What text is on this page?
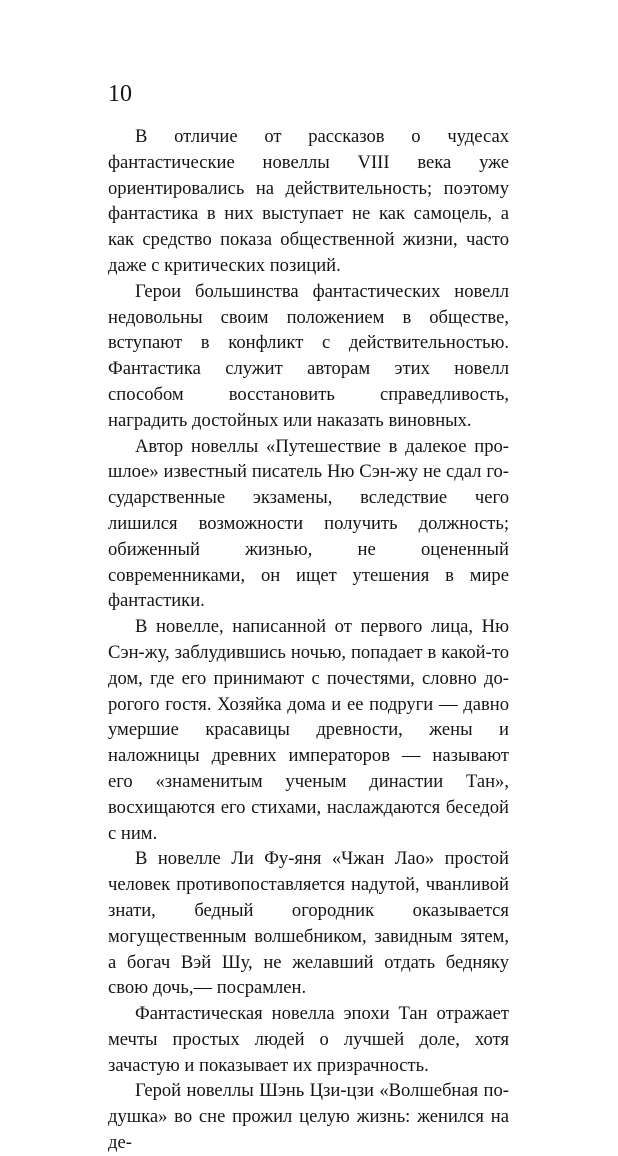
10

В отличие от рассказов о чудесах фантастические новеллы VIII века уже ориентировались на действительность; поэтому фантастика в них выступает не как самоцель, а как средство показа общественной жизни, часто даже с критических позиций.

Герои большинства фантастических новелл недовольны своим положением в обществе, вступают в конфликт с действительностью. Фантастика служит авторам этих новелл способом восстановить справедливость, наградить достойных или наказать виновных.

Автор новеллы «Путешествие в далекое прошлое» известный писатель Ню Сэн-жу не сдал государственные экзамены, вследствие чего лишился возможности получить должность; обиженный жизнью, не оцененный современниками, он ищет утешения в мире фантастики.

В новелле, написанной от первого лица, Ню Сэн-жу, заблудившись ночью, попадает в какой-то дом, где его принимают с почестями, словно дорогого гостя. Хозяйка дома и ее подруги — давно умершие красавицы древности, жены и наложницы древних императоров — называют его «знаменитым ученым династии Тан», восхищаются его стихами, наслаждаются беседой с ним.

В новелле Ли Фу-яня «Чжан Лао» простой человек противопоставляется надутой, чванливой знати, бедный огородник оказывается могущественным волшебником, завидным зятем, а богач Вэй Шу, не желавший отдать бедняку свою дочь,— посрамлен.

Фантастическая новелла эпохи Тан отражает мечты простых людей о лучшей доле, хотя зачастую и показывает их призрачность.

Герой новеллы Шэнь Цзи-цзи «Волшебная подушка» во сне прожил целую жизнь: женился на де-
